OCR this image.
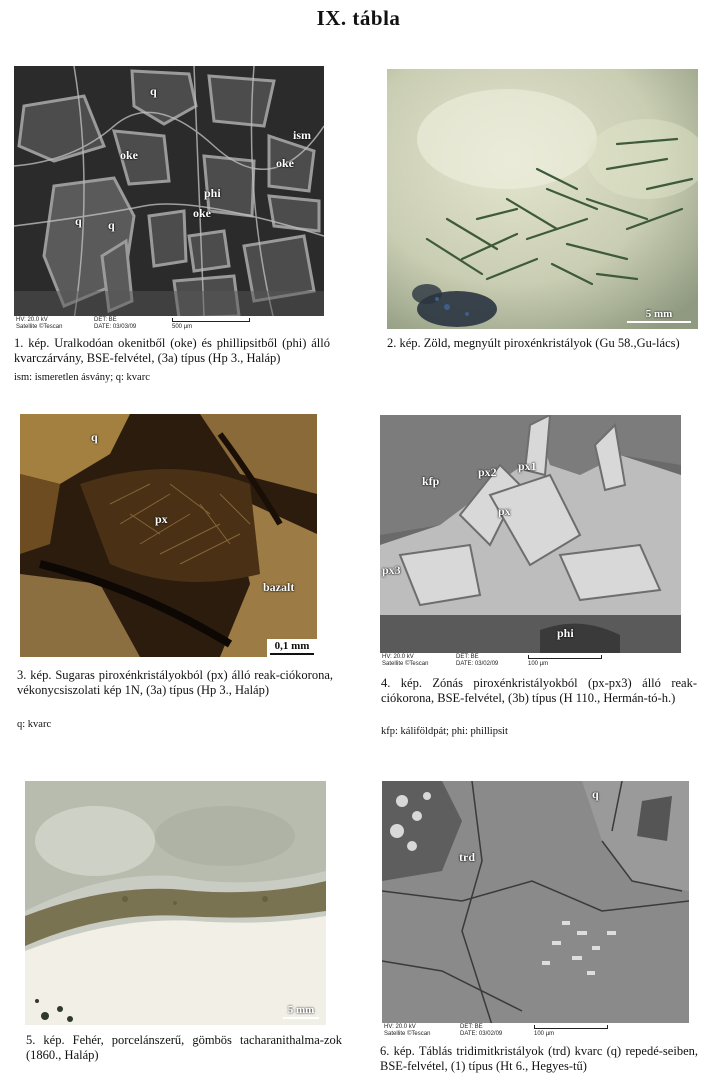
IX. tábla
q
ism
oke
oke
phi
oke
q q
HV: 20.0 kV	DET: BE
Satellite ©Tescan	DATE: 03/03/09	500 µm
1. kép. Uralkodóan okenitből (oke) és phillipsitből (phi) álló kvarczárvány, BSE-felvétel, (3a) típus (Hp 3., Haláp)
ism: ismeretlen ásvány; q: kvarc
5 mm
2. kép. Zöld, megnyúlt piroxénkristályok (Gu 58.,Gu-lács)
q
px
bazalt
0,1 mm
3. kép. Sugaras piroxénkristályokból (px) álló reak-ciókorona, vékonycsiszolati kép 1N, (3a) típus (Hp 3., Haláp)
q: kvarc
px1
kfp
px2
px
px3
phi
HV: 20.0 kV	DET: BE
Satellite ©Tescan	DATE: 03/02/09	100 µm
4. kép. Zónás piroxénkristályokból (px-px3) álló reak-ciókorona, BSE-felvétel, (3b) típus (H 110., Hermán-tó-h.)
kfp: káliföldpát; phi: phillipsit
5 mm
5. kép. Fehér, porcelánszerű, gömbös tacharanithalma-zok (1860., Haláp)
q
trd
HV: 20.0 kV	DET: BE
Satellite ©Tescan	DATE: 03/02/09	100 µm
6. kép. Táblás tridimitkristályok (trd) kvarc (q) repedé-seiben, BSE-felvétel, (1) típus (Ht 6., Hegyes-tű)
